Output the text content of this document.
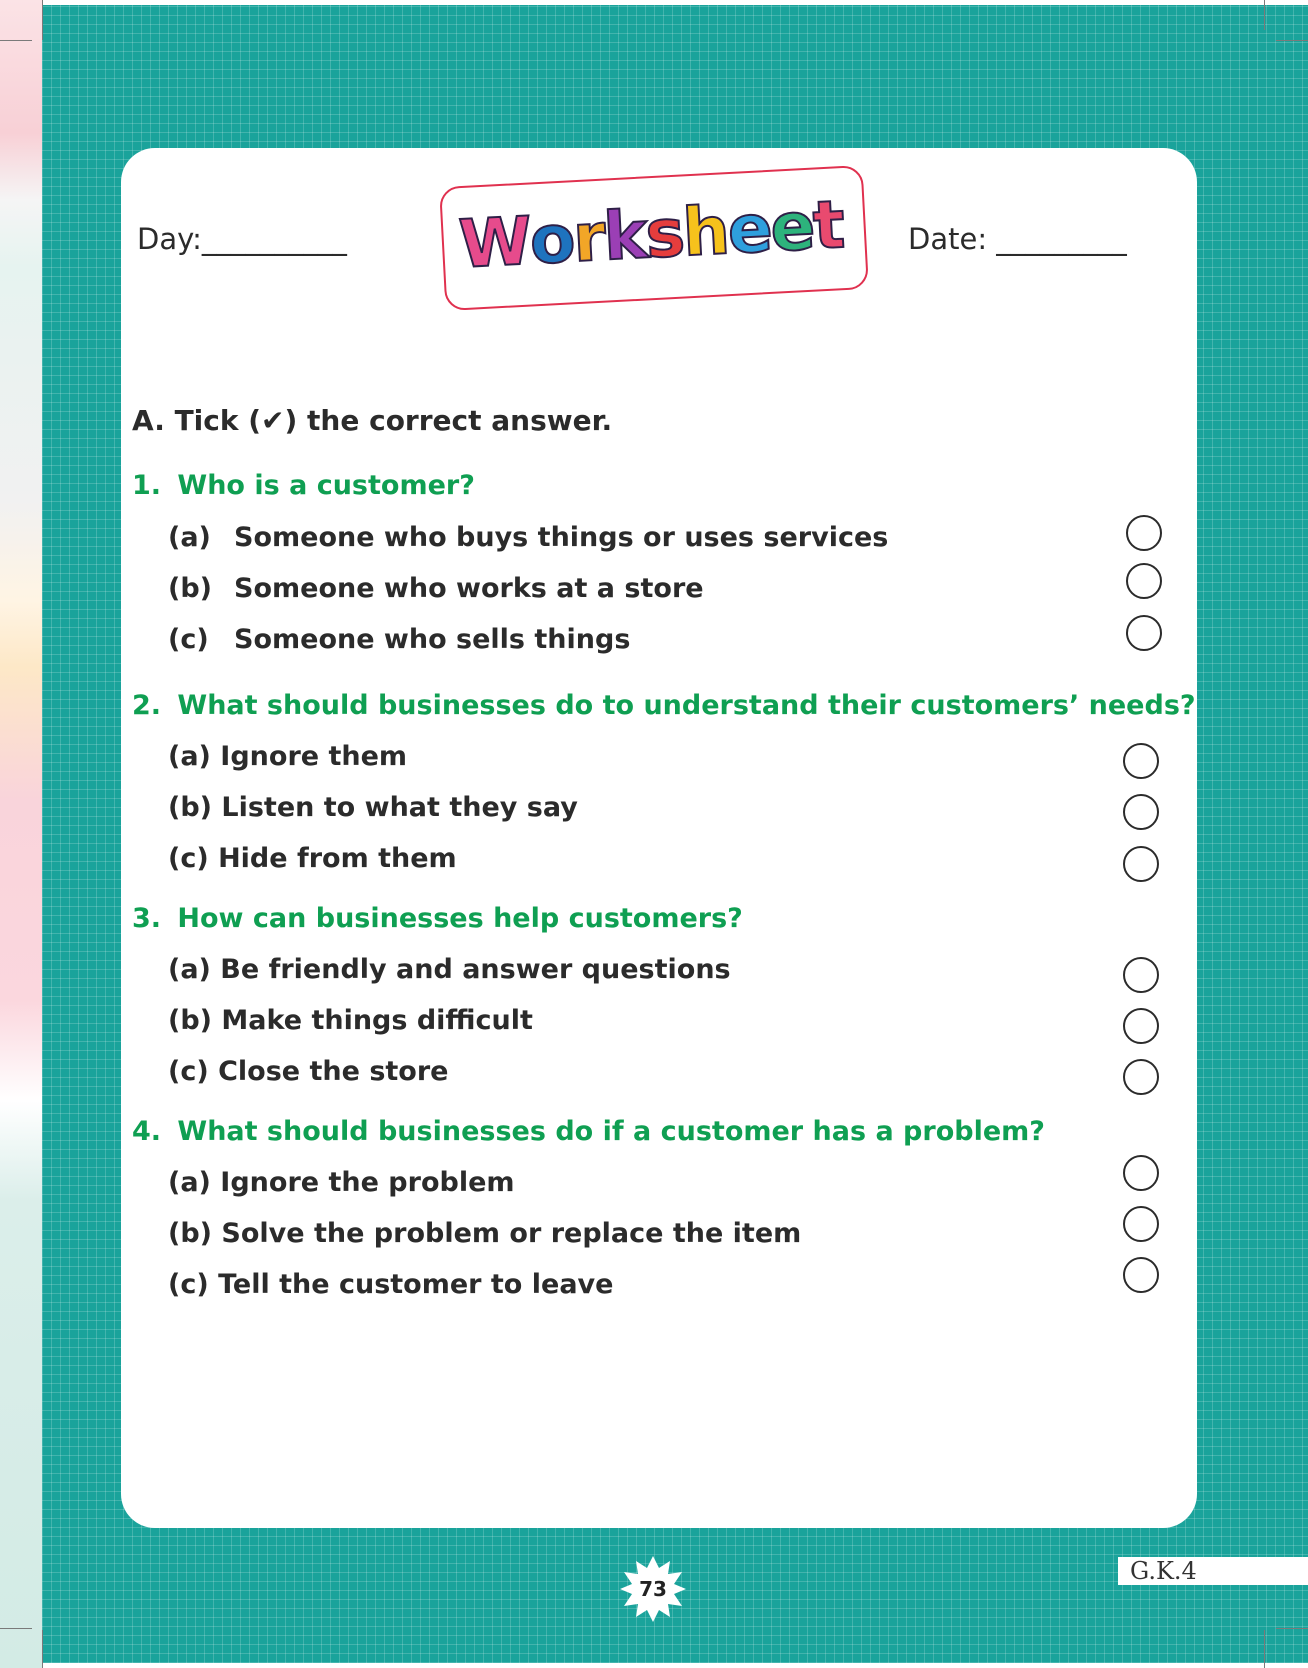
Day:__________	Date: _________
W
o
r
k
s
h
e
e
t
A. Tick (✔) the correct answer.
1. Who is a customer?
(a) Someone who buys things or uses services
(b) Someone who works at a store
(c) Someone who sells things
2. What should businesses do to understand their customers’ needs?
(a) Ignore them
(b) Listen to what they say
(c) Hide from them
3. How can businesses help customers?
(a) Be friendly and answer questions
(b) Make things difficult
(c) Close the store
4. What should businesses do if a customer has a problem?
(a) Ignore the problem
(b) Solve the problem or replace the item
(c) Tell the customer to leave
73
G.K.4
